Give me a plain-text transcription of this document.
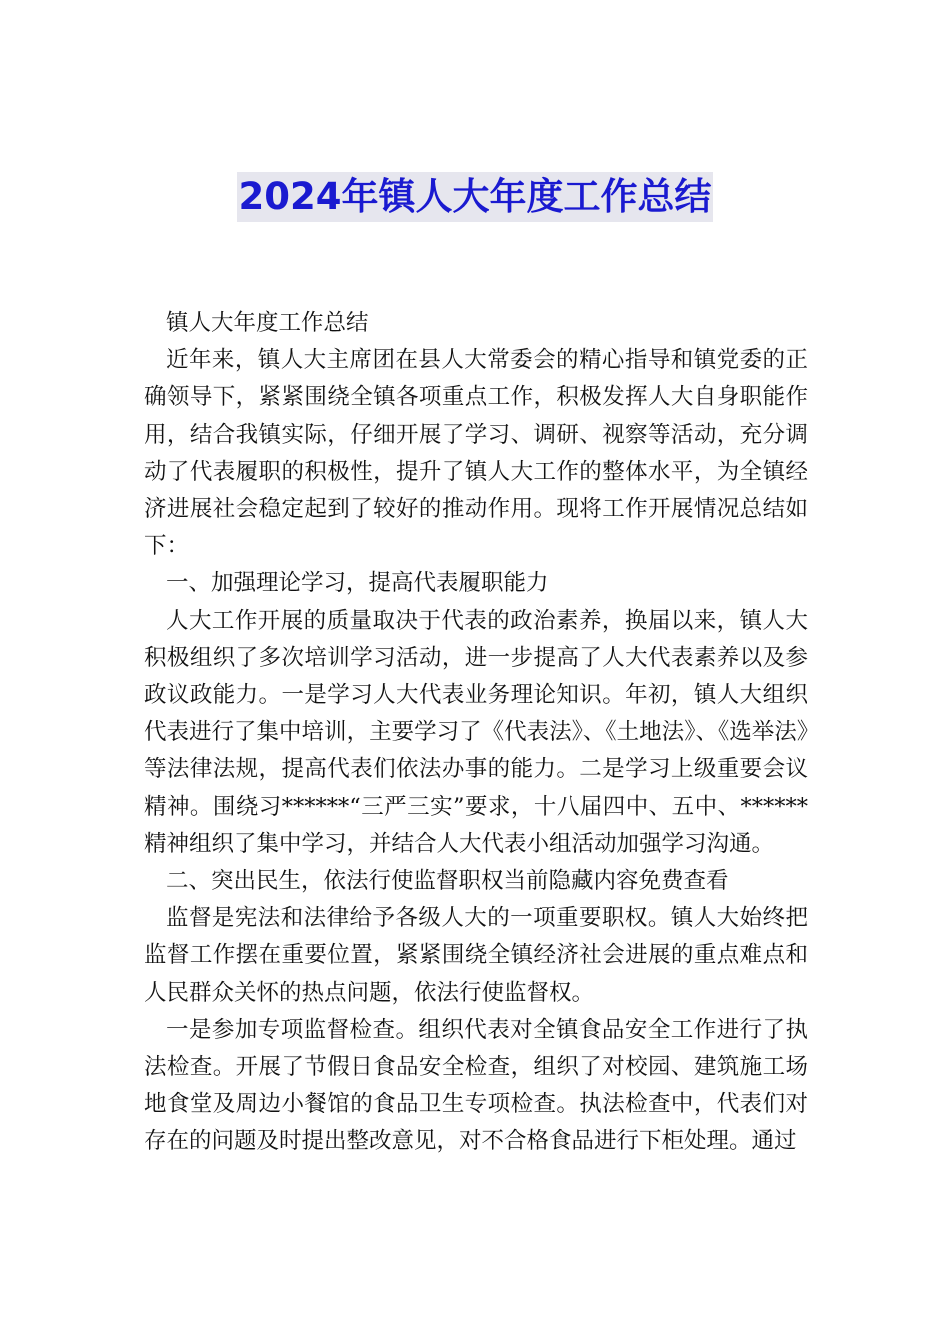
2024年镇人大年度工作总结

镇人大年度工作总结

近年来，镇人大主席团在县人大常委会的精心指导和镇党委的正确领导下，紧紧围绕全镇各项重点工作，积极发挥人大自身职能作用，结合我镇实际，仔细开展了学习、调研、视察等活动，充分调动了代表履职的积极性，提升了镇人大工作的整体水平，为全镇经济进展社会稳定起到了较好的推动作用。现将工作开展情况总结如下：

一、加强理论学习，提高代表履职能力

人大工作开展的质量取决于代表的政治素养，换届以来，镇人大积极组织了多次培训学习活动，进一步提高了人大代表素养以及参政议政能力。一是学习人大代表业务理论知识。年初，镇人大组织代表进行了集中培训，主要学习了《代表法》、《土地法》、《选举法》等法律法规，提高代表们依法办事的能力。二是学习上级重要会议精神。围绕习******“三严三实”要求，十八届四中、五中、******精神组织了集中学习，并结合人大代表小组活动加强学习沟通。

二、突出民生，依法行使监督职权当前隐藏内容免费查看

监督是宪法和法律给予各级人大的一项重要职权。镇人大始终把监督工作摆在重要位置，紧紧围绕全镇经济社会进展的重点难点和人民群众关怀的热点问题，依法行使监督权。

一是参加专项监督检查。组织代表对全镇食品安全工作进行了执法检查。开展了节假日食品安全检查，组织了对校园、建筑施工场地食堂及周边小餐馆的食品卫生专项检查。执法检查中，代表们对存在的问题及时提出整改意见，对不合格食品进行下柜处理。通过
